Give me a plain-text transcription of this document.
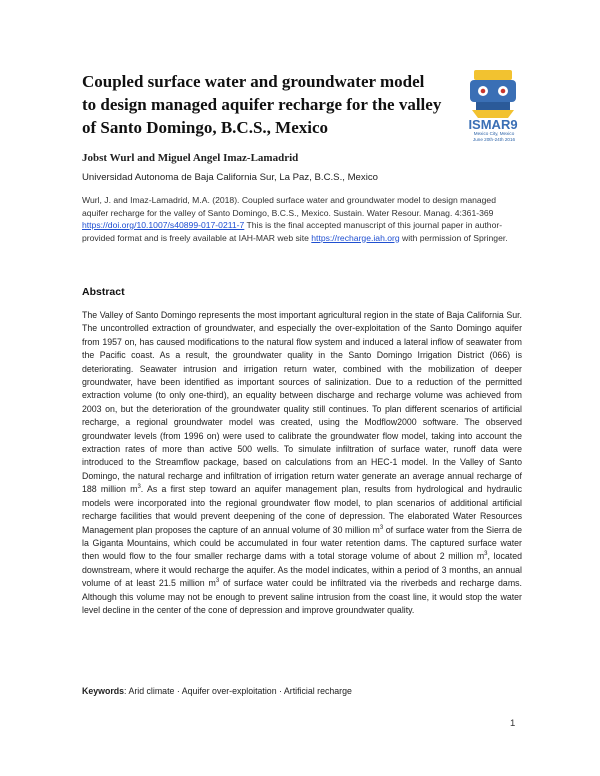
Coupled surface water and groundwater model to design managed aquifer recharge for the valley of Santo Domingo, B.C.S., Mexico	ISMAR9
Mexico City, Mexico
June 20th-24th 2016
Jobst Wurl and Miguel Angel Imaz-Lamadrid
Universidad Autonoma de Baja California Sur, La Paz, B.C.S., Mexico
Wurl, J. and Imaz-Lamadrid, M.A. (2018). Coupled surface water and groundwater model to design managed aquifer recharge for the valley of Santo Domingo, B.C.S., Mexico. Sustain. Water Resour. Manag. 4:361-369 https://doi.org/10.1007/s40899-017-0211-7 This is the final accepted manuscript of this journal paper in author-provided format and is freely available at IAH-MAR web site https://recharge.iah.org with permission of Springer.
Abstract
The Valley of Santo Domingo represents the most important agricultural region in the state of Baja California Sur. The uncontrolled extraction of groundwater, and especially the over-exploitation of the Santo Domingo aquifer from 1957 on, has caused modifications to the natural flow system and induced a lateral inflow of seawater from the Pacific coast. As a result, the groundwater quality in the Santo Domingo Irrigation District (066) is deteriorating. Seawater intrusion and irrigation return water, combined with the mobilization of deeper groundwater, have been identified as important sources of salinization. Due to a reduction of the permitted extraction volume (to only one-third), an equality between discharge and recharge volume was achieved from 2003 on, but the deterioration of the groundwater quality still continues. To plan different scenarios of artificial recharge, a regional groundwater model was created, using the Modflow2000 software. The observed groundwater levels (from 1996 on) were used to calibrate the groundwater flow model, taking into account the extraction rates of more than active 500 wells. To simulate infiltration of surface water, runoff data were introduced to the Streamflow package, based on calculations from an HEC-1 model. In the Valley of Santo Domingo, the natural recharge and infiltration of irrigation return water generate an average annual recharge of 188 million $m^3$. As a first step toward an aquifer management plan, results from hydrological and hydraulic models were incorporated into the regional groundwater flow model, to plan scenarios of additional artificial recharge facilities that would prevent deepening of the cone of depression. The elaborated Water Resources Management plan proposes the capture of an annual volume of 30 million $m^3$ of surface water from the Sierra de la Giganta Mountains, which could be accumulated in four water retention dams. The captured surface water then would flow to the four smaller recharge dams with a total storage volume of about 2 million $m^3$, located downstream, where it would recharge the aquifer. As the model indicates, within a period of 3 months, an annual volume of at least 21.5 million $m^3$ of surface water could be infiltrated via the riverbeds and recharge dams. Although this volume may not be enough to prevent saline intrusion from the coast line, it would stop the water level decline in the center of the cone of depression and improve groundwater quality.
Keywords: Arid climate · Aquifer over-exploitation · Artificial recharge
1
